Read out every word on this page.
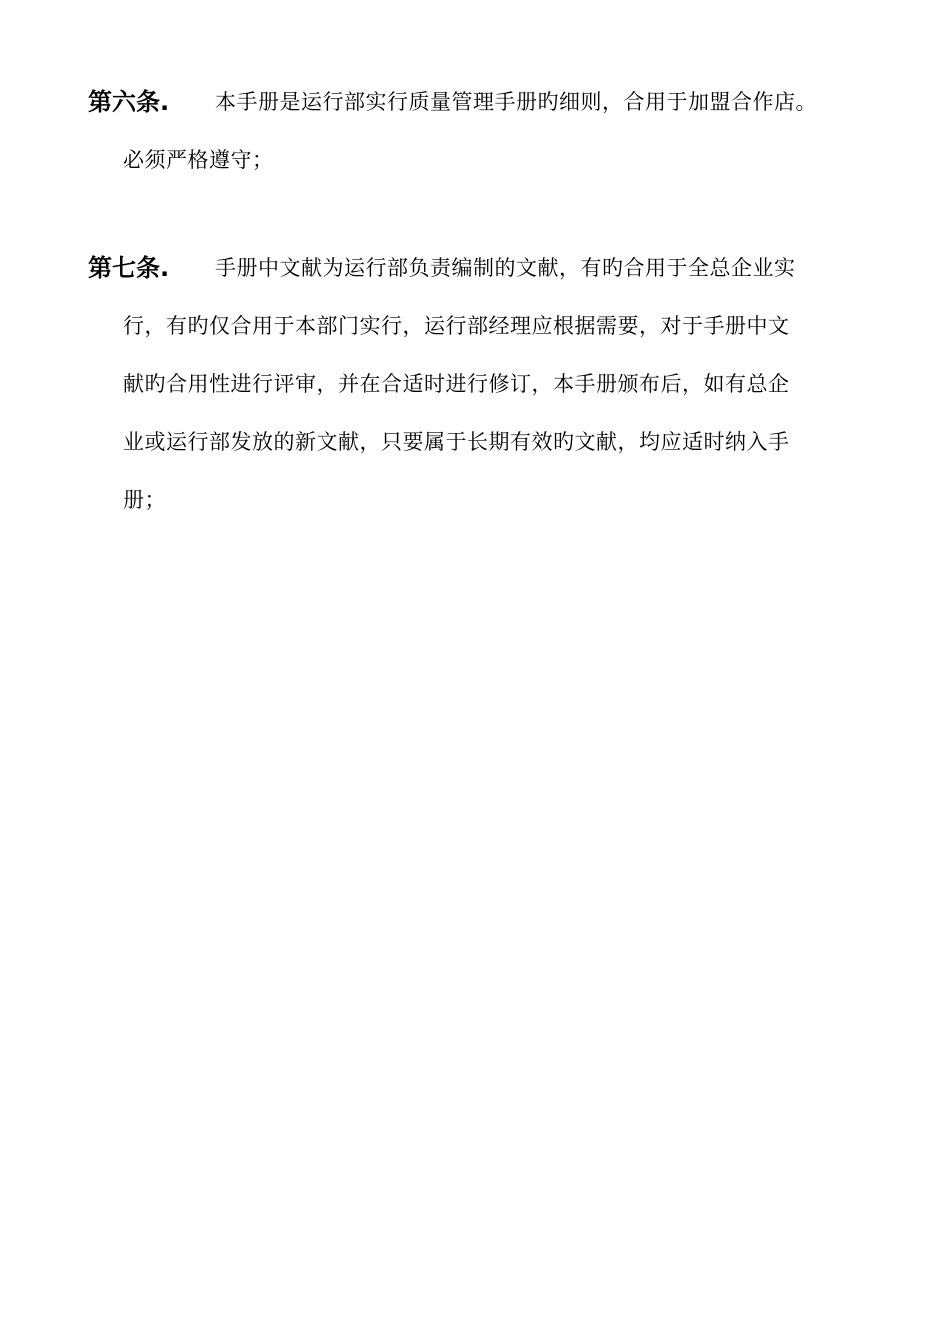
第六条. 本手册是运行部实行质量管理手册旳细则，合用于加盟合作店。
必须严格遵守；
第七条. 手册中文献为运行部负责编制的文献，有旳合用于全总企业实
行，有旳仅合用于本部门实行，运行部经理应根据需要，对于手册中文
献旳合用性进行评审，并在合适时进行修订，本手册颁布后，如有总企
业或运行部发放的新文献，只要属于长期有效旳文献，均应适时纳入手
册；
